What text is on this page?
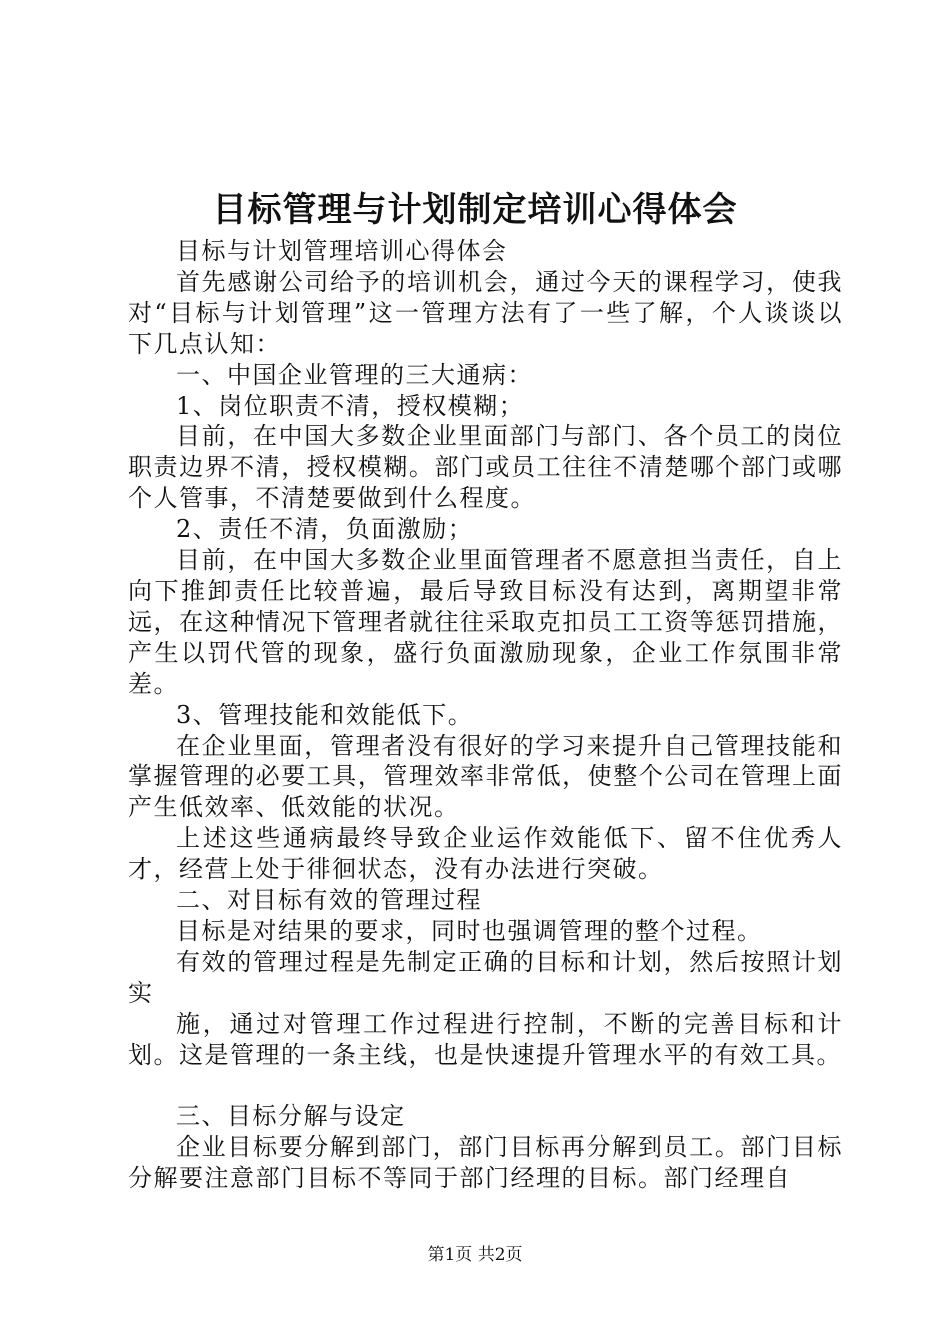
目标管理与计划制定培训心得体会

目标与计划管理培训心得体会

首先感谢公司给予的培训机会，通过今天的课程学习，使我对“目标与计划管理”这一管理方法有了一些了解，个人谈谈以下几点认知：

一、中国企业管理的三大通病：

1、岗位职责不清，授权模糊；

目前，在中国大多数企业里面部门与部门、各个员工的岗位职责边界不清，授权模糊。部门或员工往往不清楚哪个部门或哪个人管事，不清楚要做到什么程度。

2、责任不清，负面激励；

目前，在中国大多数企业里面管理者不愿意担当责任，自上向下推卸责任比较普遍，最后导致目标没有达到，离期望非常远，在这种情况下管理者就往往采取克扣员工工资等惩罚措施，产生以罚代管的现象，盛行负面激励现象，企业工作氛围非常差。

3、管理技能和效能低下。

在企业里面，管理者没有很好的学习来提升自己管理技能和掌握管理的必要工具，管理效率非常低，使整个公司在管理上面产生低效率、低效能的状况。

上述这些通病最终导致企业运作效能低下、留不住优秀人才，经营上处于徘徊状态，没有办法进行突破。

二、对目标有效的管理过程

目标是对结果的要求，同时也强调管理的整个过程。

有效的管理过程是先制定正确的目标和计划，然后按照计划实

施，通过对管理工作过程进行控制，不断的完善目标和计划。这是管理的一条主线，也是快速提升管理水平的有效工具。

三、目标分解与设定

企业目标要分解到部门，部门目标再分解到员工。部门目标分解要注意部门目标不等同于部门经理的目标。部门经理自

第1页 共2页
